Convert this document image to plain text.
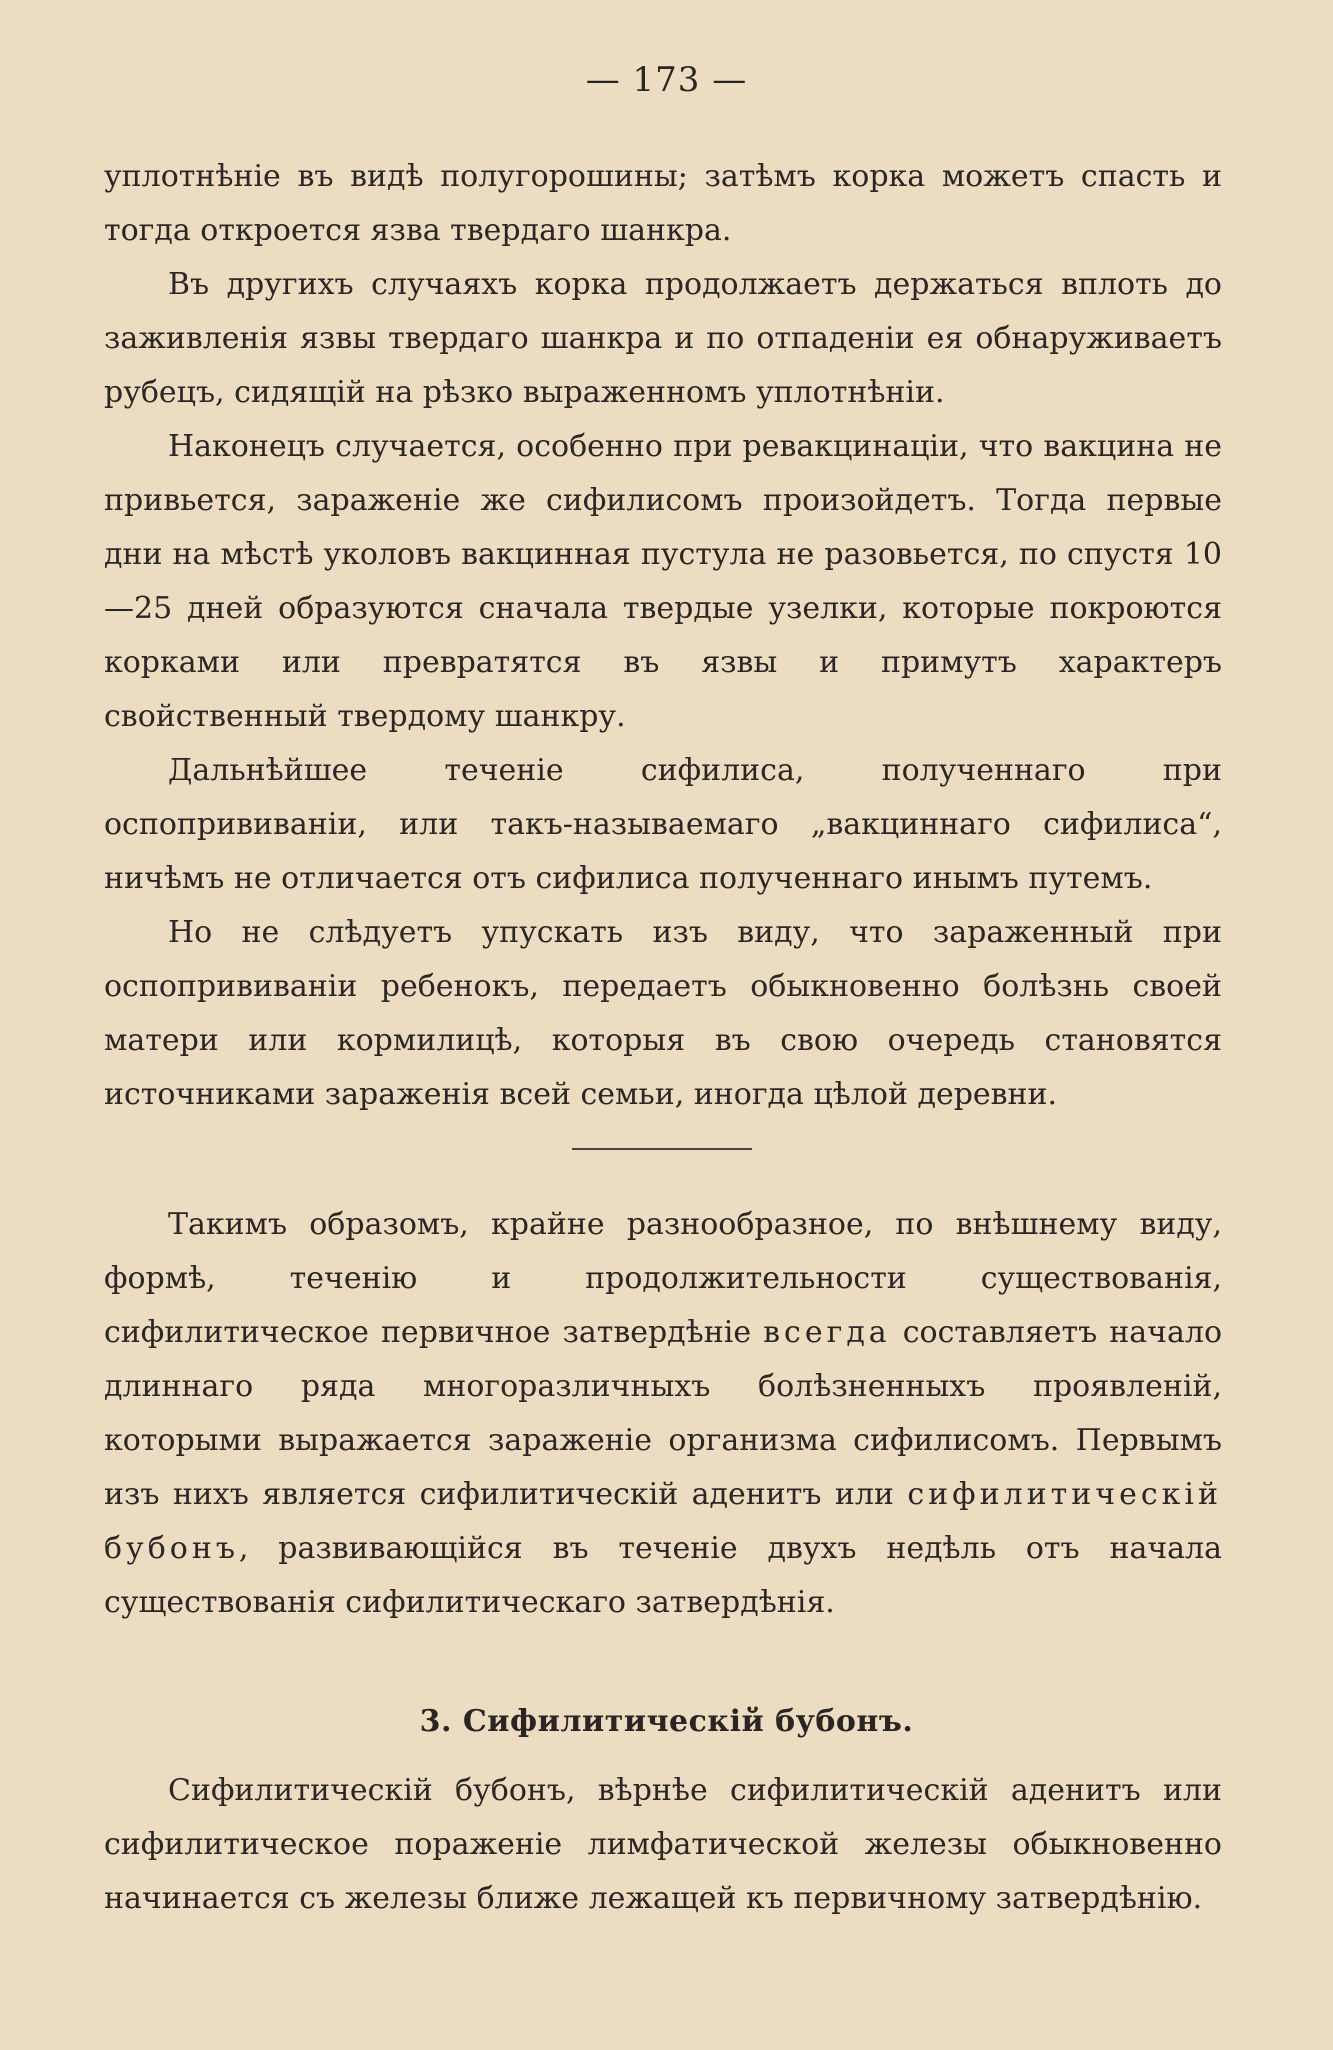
— 173 —

уплотнѣніе въ видѣ полугорошины; затѣмъ корка можетъ спасть и тогда откроется язва твердаго шанкра.

Въ другихъ случаяхъ корка продолжаетъ держаться вплоть до заживленія язвы твердаго шанкра и по отпаденіи ея обнаруживаетъ рубецъ, сидящій на рѣзко выраженномъ уплотнѣніи.

Наконецъ случается, особенно при ревакцинаціи, что вакцина не привьется, зараженіе же сифилисомъ произойдетъ. Тогда первые дни на мѣстѣ уколовъ вакцинная пустула не разовьется, по спустя 10—25 дней образуются сначала твердые узелки, которые покроются корками или превратятся въ язвы и примутъ характеръ свойственный твердому шанкру.

Дальнѣйшее теченіе сифилиса, полученнаго при оспопрививаніи, или такъ-называемаго „вакциннаго сифилиса“, ничѣмъ не отличается отъ сифилиса полученнаго инымъ путемъ.

Но не слѣдуетъ упускать изъ виду, что зараженный при оспопрививаніи ребенокъ, передаетъ обыкновенно болѣзнь своей матери или кормилицѣ, которыя въ свою очередь становятся источниками зараженія всей семьи, иногда цѣлой деревни.

Такимъ образомъ, крайне разнообразное, по внѣшнему виду, формѣ, теченію и продолжительности существованія, сифилитическое первичное затвердѣніе всегда составляетъ начало длиннаго ряда многоразличныхъ болѣзненныхъ проявленій, которыми выражается зараженіе организма сифилисомъ. Первымъ изъ нихъ является сифилитическій аденитъ или сифилитическій бубонъ, развивающійся въ теченіе двухъ недѣль отъ начала существованія сифилитическаго затвердѣнія.

3. Сифилитическій бубонъ.

Сифилитическій бубонъ, вѣрнѣе сифилитическій аденитъ или сифилитическое пораженіе лимфатической железы обыкновенно начинается съ железы ближе лежащей къ первичному затвердѣнію.
